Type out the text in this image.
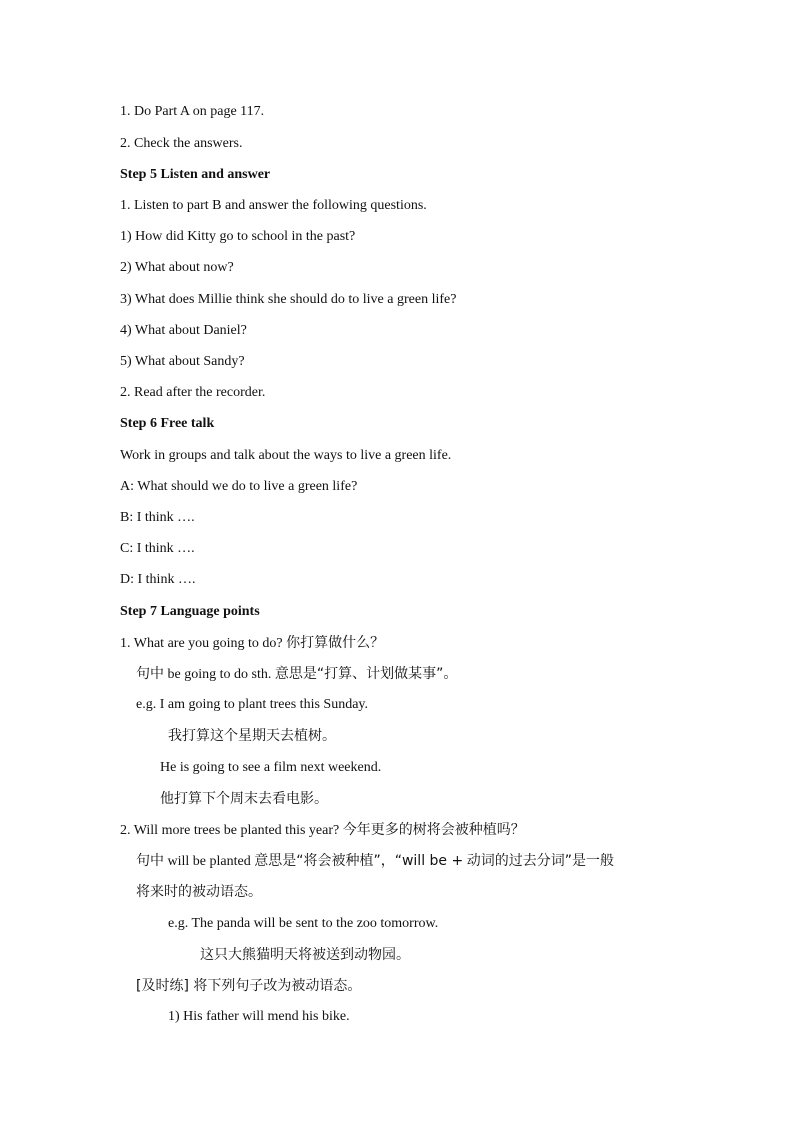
1. Do Part A on page 117.
2. Check the answers.
Step 5 Listen and answer
1. Listen to part B and answer the following questions.
1) How did Kitty go to school in the past?
2) What about now?
3) What does Millie think she should do to live a green life?
4) What about Daniel?
5) What about Sandy?
2. Read after the recorder.
Step 6 Free talk
Work in groups and talk about the ways to live a green life.
A: What should we do to live a green life?
B: I think ….
C: I think ….
D: I think ….
Step 7 Language points
1. What are you going to do? 你打算做什么？
句中 be going to do sth. 意思是“打算、计划做某事”。
e.g. I am going to plant trees this Sunday.
我打算这个星期天去植树。
He is going to see a film next weekend.
他打算下个周末去看电影。
2. Will more trees be planted this year? 今年更多的树将会被种植吗？
句中 will be planted 意思是“将会被种植”，“will be + 动词的过去分词”是一般
将来时的被动语态。
e.g. The panda will be sent to the zoo tomorrow.
这只大熊猫明天将被送到动物园。
[及时练] 将下列句子改为被动语态。
1) His father will mend his bike.
